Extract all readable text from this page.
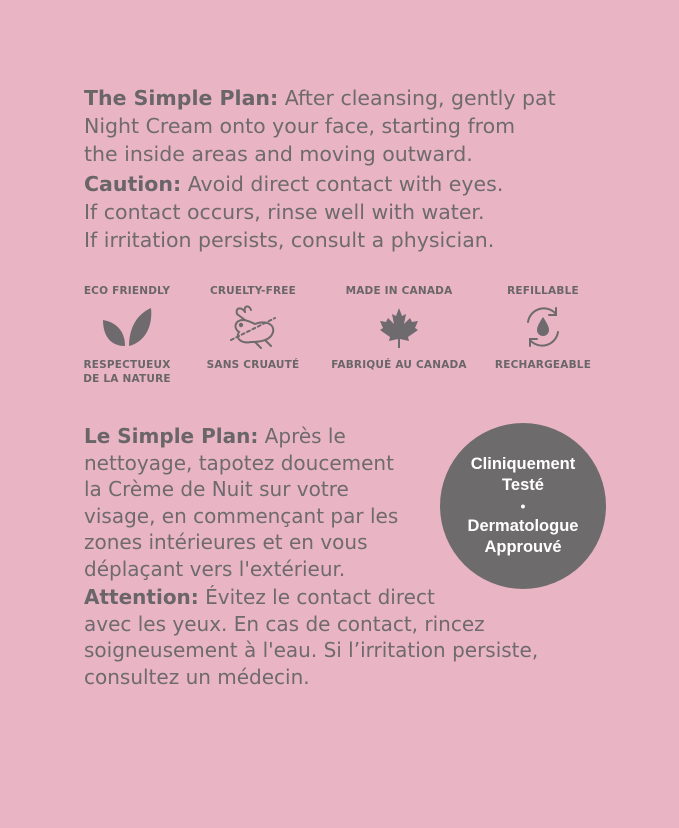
The Simple Plan: After cleansing, gently pat
Night Cream onto your face, starting from
the inside areas and moving outward.
Caution: Avoid direct contact with eyes.
If contact occurs, rinse well with water.
If irritation persists, consult a physician.
ECO FRIENDLY
RESPECTUEUX
DE LA NATURE
CRUELTY-FREE
SANS CRUAUTÉ
MADE IN CANADA
FABRIQUÉ AU CANADA
REFILLABLE
RECHARGEABLE
Le Simple Plan: Après le
nettoyage, tapotez doucement
la Crème de Nuit sur votre
visage, en commençant par les
zones intérieures et en vous
déplaçant vers l'extérieur.
Attention: Évitez le contact direct
avec les yeux. En cas de contact, rincez
soigneusement à l'eau. Si l’irritation persiste,
consultez un médecin.
Cliniquement
Testé
•
Dermatologue
Approuvé
